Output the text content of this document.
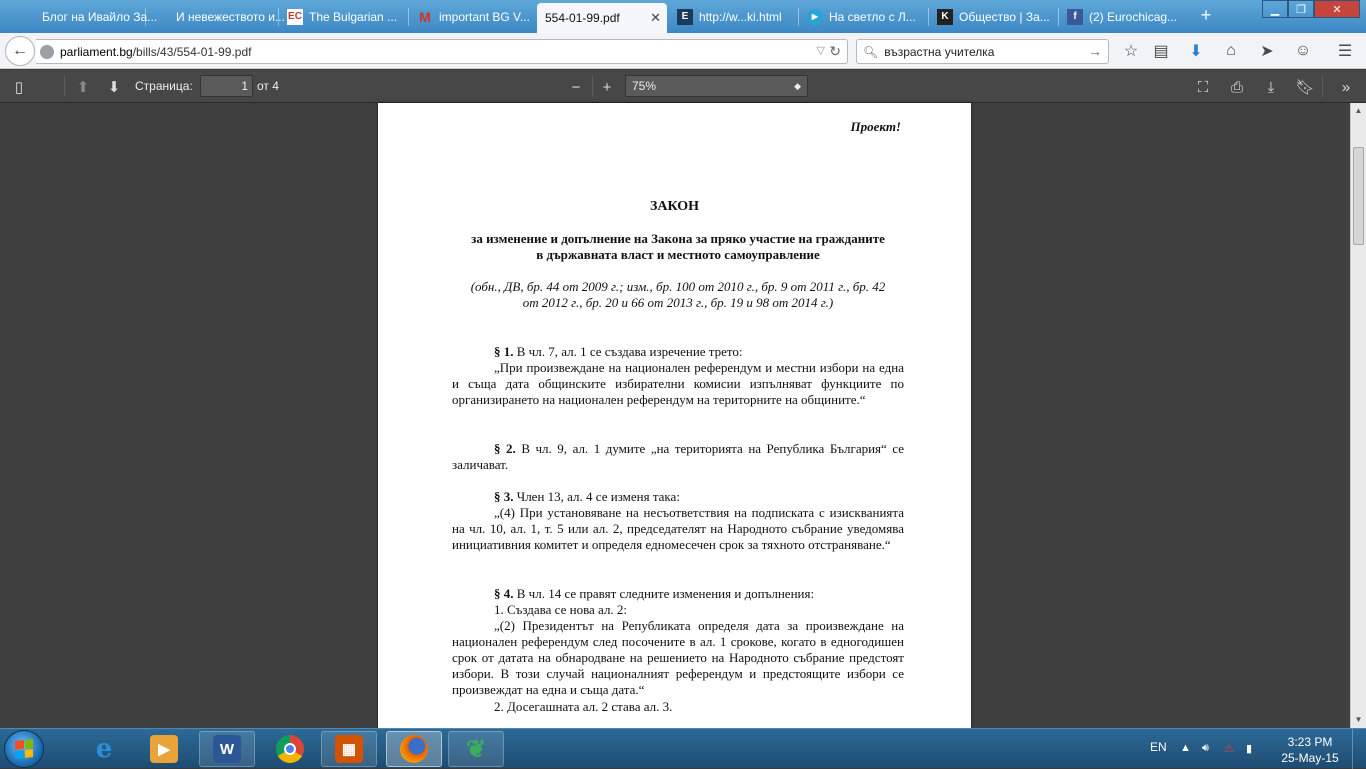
Блог на Ивайло За... И невежеството и... EC The Bulgarian ... M important BG V... 554-01-99.pdf ✕	E http://w...ki.html	▶ На светло с Л...	K Общество | За...	f	(2) Eurochicag... +	▁	❐	✕
←	parliament.bg/bills/43/554-01-99.pdf	▽ ↻ 🔍︎ възрастна учителка	→ ☆ ▤ ⬇	⌂	➤ ☺ ☰
▯	⬆	⬇	Страница:	1 от 4	−	+	75%	◆	⛶	⎙	⤓	🔖︎	»
Проект!
ЗАКОН
за изменение и допълнение на Закона за пряко участие на гражданите
в държавната власт и местното самоуправление
(обн., ДВ, бр. 44 от 2009 г.; изм., бр. 100 от 2010 г., бр. 9 от 2011 г., бр. 42
от 2012 г., бр. 20 и 66 от 2013 г., бр. 19 и 98 от 2014 г.)
§ 1. В чл. 7, ал. 1 се създава изречение трето:
„При произвеждане на национален референдум и местни избори на една и съща дата общинските избирателни комисии изпълняват функциите по организирането на национален референдум на територните на общините.“
§ 2. В чл. 9, ал. 1 думите „на територията на Република България“ се заличават.
§ 3. Член 13, ал. 4 се изменя така:
„(4) При установяване на несъответствия на подписката с изискванията на чл. 10, ал. 1, т. 5 или ал. 2, председателят на Народното събрание уведомява инициативния комитет и определя едномесечен срок за тяхното отстраняване.“
§ 4. В чл. 14 се правят следните изменения и допълнения:
1. Създава се нова ал. 2:
„(2) Президентът на Републиката определя дата за произвеждане на национален референдум след посочените в ал. 1 срокове, когато в едногодишен срок от датата на обнародване на решението на Народното събрание предстоят избори. В този случай националният референдум и предстоящите избори се произвеждат на една и съща дата.“
2. Досегашната ал. 2 става ал. 3.
▲
▼
e	▶	W	▦	❦	EN ▲ 🔊︎ ⚠ ▮	3:23 PM
25-May-15
